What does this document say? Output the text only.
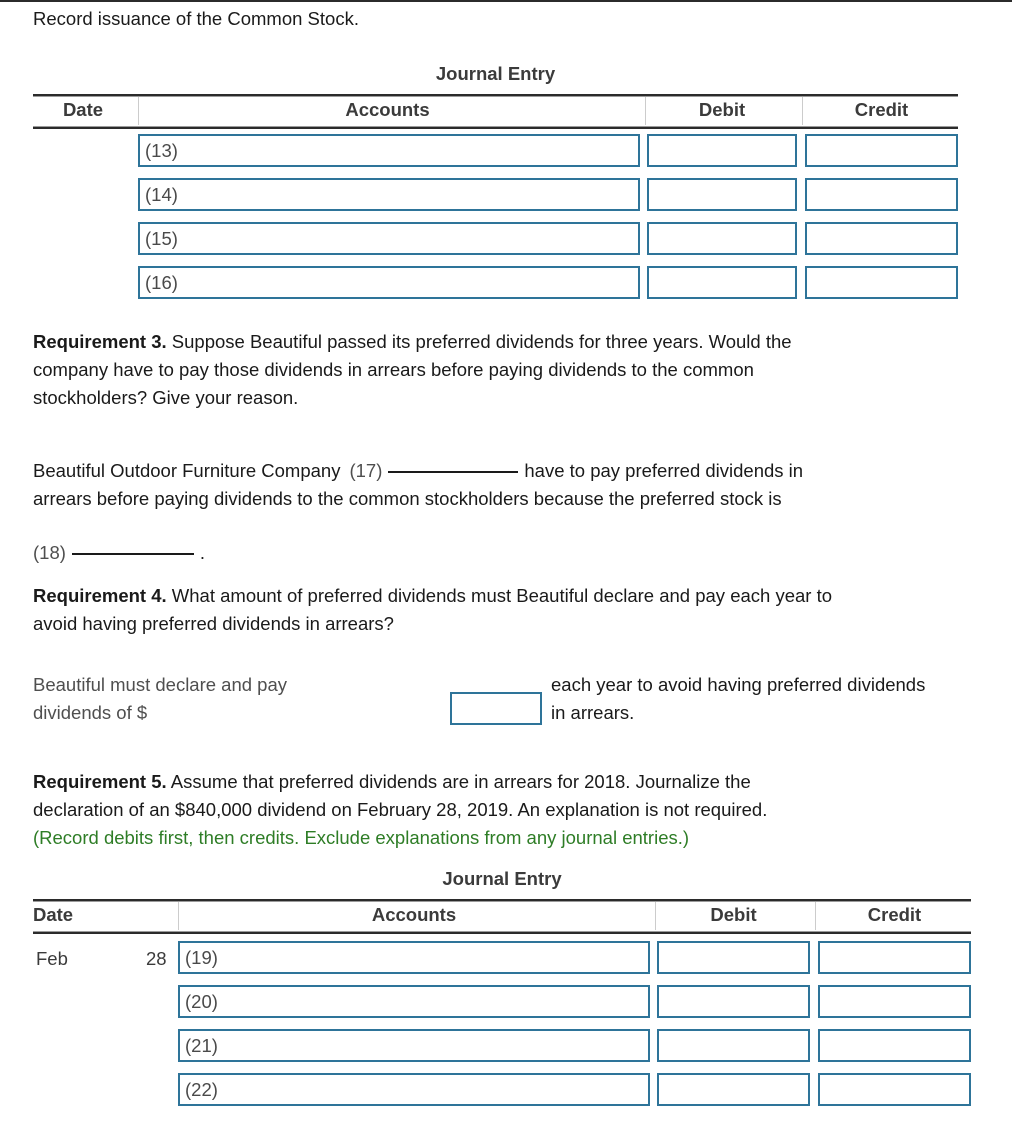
Record issuance of the Common Stock.
Journal Entry
Date	Accounts	Debit	Credit
(13)
(14)
(15)
(16)
Requirement 3. Suppose Beautiful passed its preferred dividends for three years. Would the
company have to pay those dividends in arrears before paying dividends to the common
stockholders? Give your reason.
Beautiful Outdoor Furniture Company (17)	have to pay preferred dividends in
arrears before paying dividends to the common stockholders because the preferred stock is
(18)	.
Requirement 4. What amount of preferred dividends must Beautiful declare and pay each year to
avoid having preferred dividends in arrears?
Beautiful must declare and pay
dividends of $
each year to avoid having preferred dividends
in arrears.
Requirement 5. Assume that preferred dividends are in arrears for 2018. Journalize the
declaration of an $840,000 dividend on February 28, 2019. An explanation is not required.
(Record debits first, then credits. Exclude explanations from any journal entries.)
Journal Entry
Date	Accounts	Debit	Credit
Feb	28 (19)
(20)
(21)
(22)
